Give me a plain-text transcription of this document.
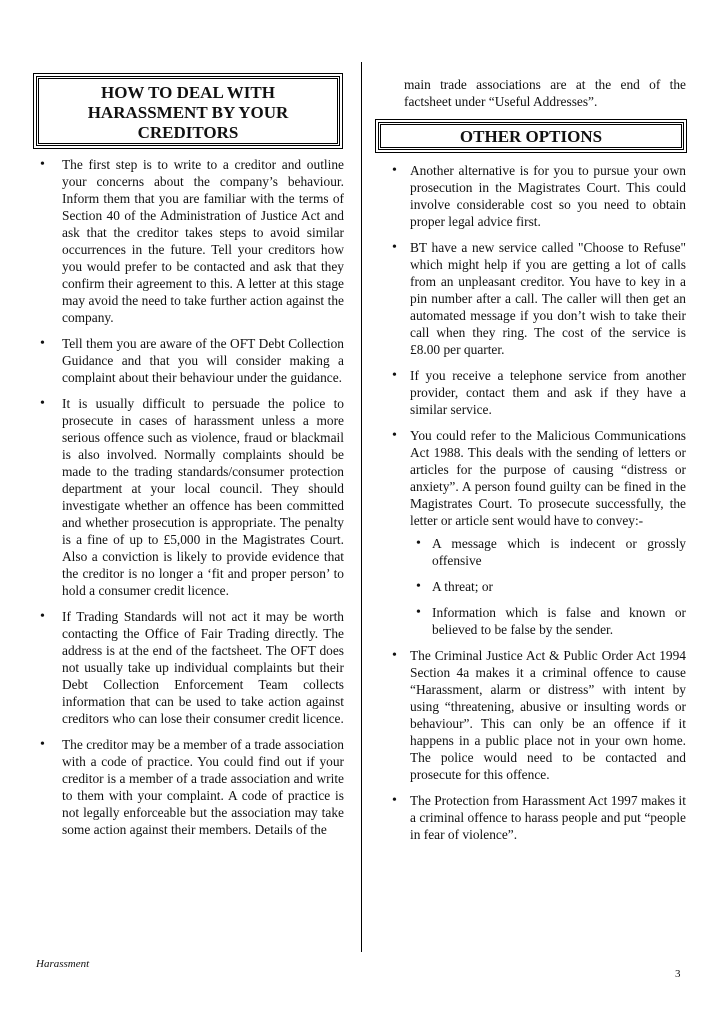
HOW TO DEAL WITH HARASSMENT BY YOUR CREDITORS
• The first step is to write to a creditor and outline your concerns about the company’s behaviour. Inform them that you are familiar with the terms of Section 40 of the Administration of Justice Act and ask that the creditor takes steps to avoid similar occurrences in the future. Tell your creditors how you would prefer to be contacted and ask that they confirm their agreement to this. A letter at this stage may avoid the need to take further action against the company.
• Tell them you are aware of the OFT Debt Collection Guidance and that you will consider making a complaint about their behaviour under the guidance.
• It is usually difficult to persuade the police to prosecute in cases of harassment unless a more serious offence such as violence, fraud or blackmail is also involved. Normally complaints should be made to the trading standards/consumer protection department at your local council. They should investigate whether an offence has been committed and whether prosecution is appropriate. The penalty is a fine of up to £5,000 in the Magistrates Court. Also a conviction is likely to provide evidence that the creditor is no longer a ‘fit and proper person’ to hold a consumer credit licence.
• If Trading Standards will not act it may be worth contacting the Office of Fair Trading directly. The address is at the end of the factsheet. The OFT does not usually take up individual complaints but their Debt Collection Enforcement Team collects information that can be used to take action against creditors who can lose their consumer credit licence.
• The creditor may be a member of a trade association with a code of practice. You could find out if your creditor is a member of a trade association and write to them with your complaint. A code of practice is not legally enforceable but the association may take some action against their members. Details of the
main trade associations are at the end of the factsheet under “Useful Addresses”.
OTHER OPTIONS
• Another alternative is for you to pursue your own prosecution in the Magistrates Court. This could involve considerable cost so you need to obtain proper legal advice first.
• BT have a new service called "Choose to Refuse" which might help if you are getting a lot of calls from an unpleasant creditor. You have to key in a pin number after a call. The caller will then get an automated message if you don’t wish to take their call when they ring. The cost of the service is £8.00 per quarter.
• If you receive a telephone service from another provider, contact them and ask if they have a similar service.
• You could refer to the Malicious Communications Act 1988. This deals with the sending of letters or articles for the purpose of causing “distress or anxiety”. A person found guilty can be fined in the Magistrates Court. To prosecute successfully, the letter or article sent would have to convey:-
• A message which is indecent or grossly offensive
• A threat; or
• Information which is false and known or believed to be false by the sender.
• The Criminal Justice Act & Public Order Act 1994 Section 4a makes it a criminal offence to cause “Harassment, alarm or distress” with intent by using “threatening, abusive or insulting words or behaviour”. This can only be an offence if it happens in a public place not in your own home. The police would need to be contacted and prosecute for this offence.
• The Protection from Harassment Act 1997 makes it a criminal offence to harass people and put “people in fear of violence”.
Harassment
3
